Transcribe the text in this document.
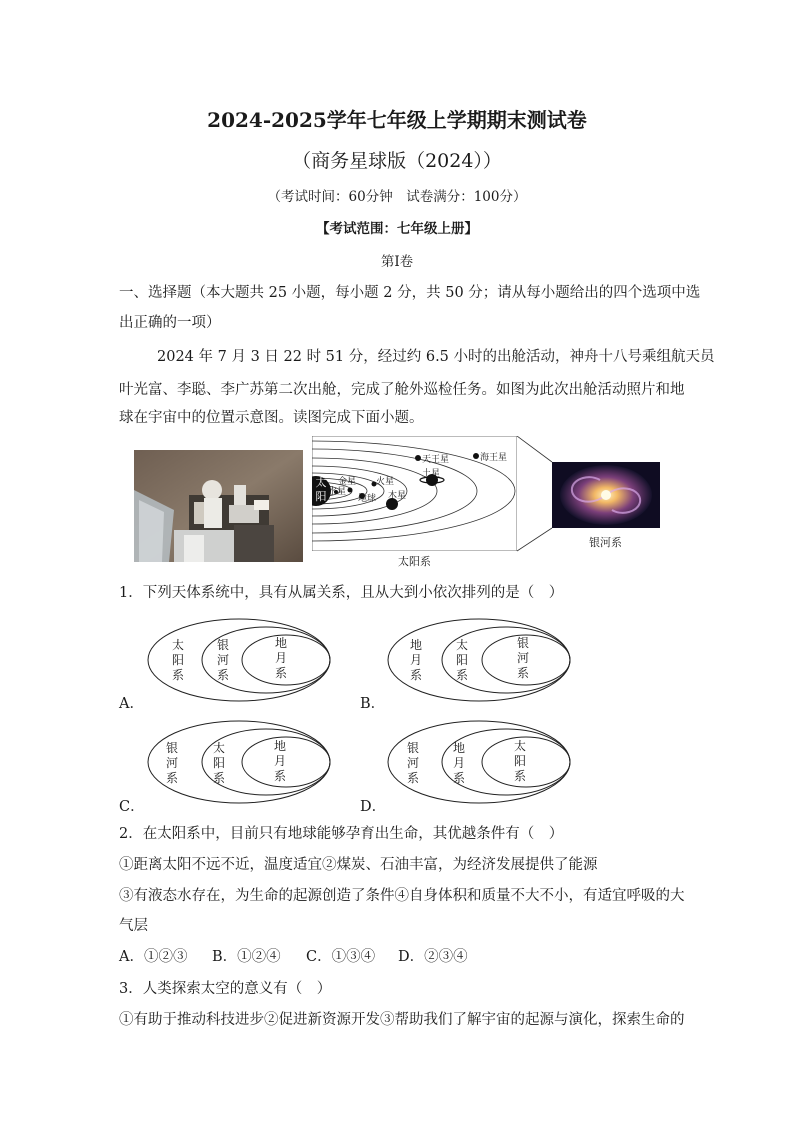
2024-2025学年七年级上学期期末测试卷
（商务星球版（2024））
（考试时间：60分钟　试卷满分：100分）
【考试范围：七年级上册】
第Ⅰ卷
一、选择题（本大题共 25 小题，每小题 2 分，共 50 分；请从每小题给出的四个选项中选
出正确的一项）
2024 年 7 月 3 日 22 时 51 分，经过约 6.5 小时的出舱活动，神舟十八号乘组航天员
叶光富、李聪、李广苏第二次出舱，完成了舱外巡检任务。如图为此次出舱活动照片和地
球在宇宙中的位置示意图。读图完成下面小题。
太阳 水星
金星
地球
火星
木星
土星
天王星	海王星
太阳系
银河系
1．下列天体系统中，具有从属关系，且从大到小依次排列的是（　）
A．
太阳系
银河系
地月系
B．
地月系
太阳系
银河系
C．
银河系
太阳系
地月系
D．
银河系
地月系
太阳系
2．在太阳系中，目前只有地球能够孕育出生命，其优越条件有（　）
①距离太阳不远不近，温度适宜②煤炭、石油丰富，为经济发展提供了能源
③有液态水存在，为生命的起源创造了条件④自身体积和质量不大不小，有适宜呼吸的大
气层
A．①②③ B．①②④ C．①③④ D．②③④
3．人类探索太空的意义有（　）
①有助于推动科技进步②促进新资源开发③帮助我们了解宇宙的起源与演化，探索生命的
